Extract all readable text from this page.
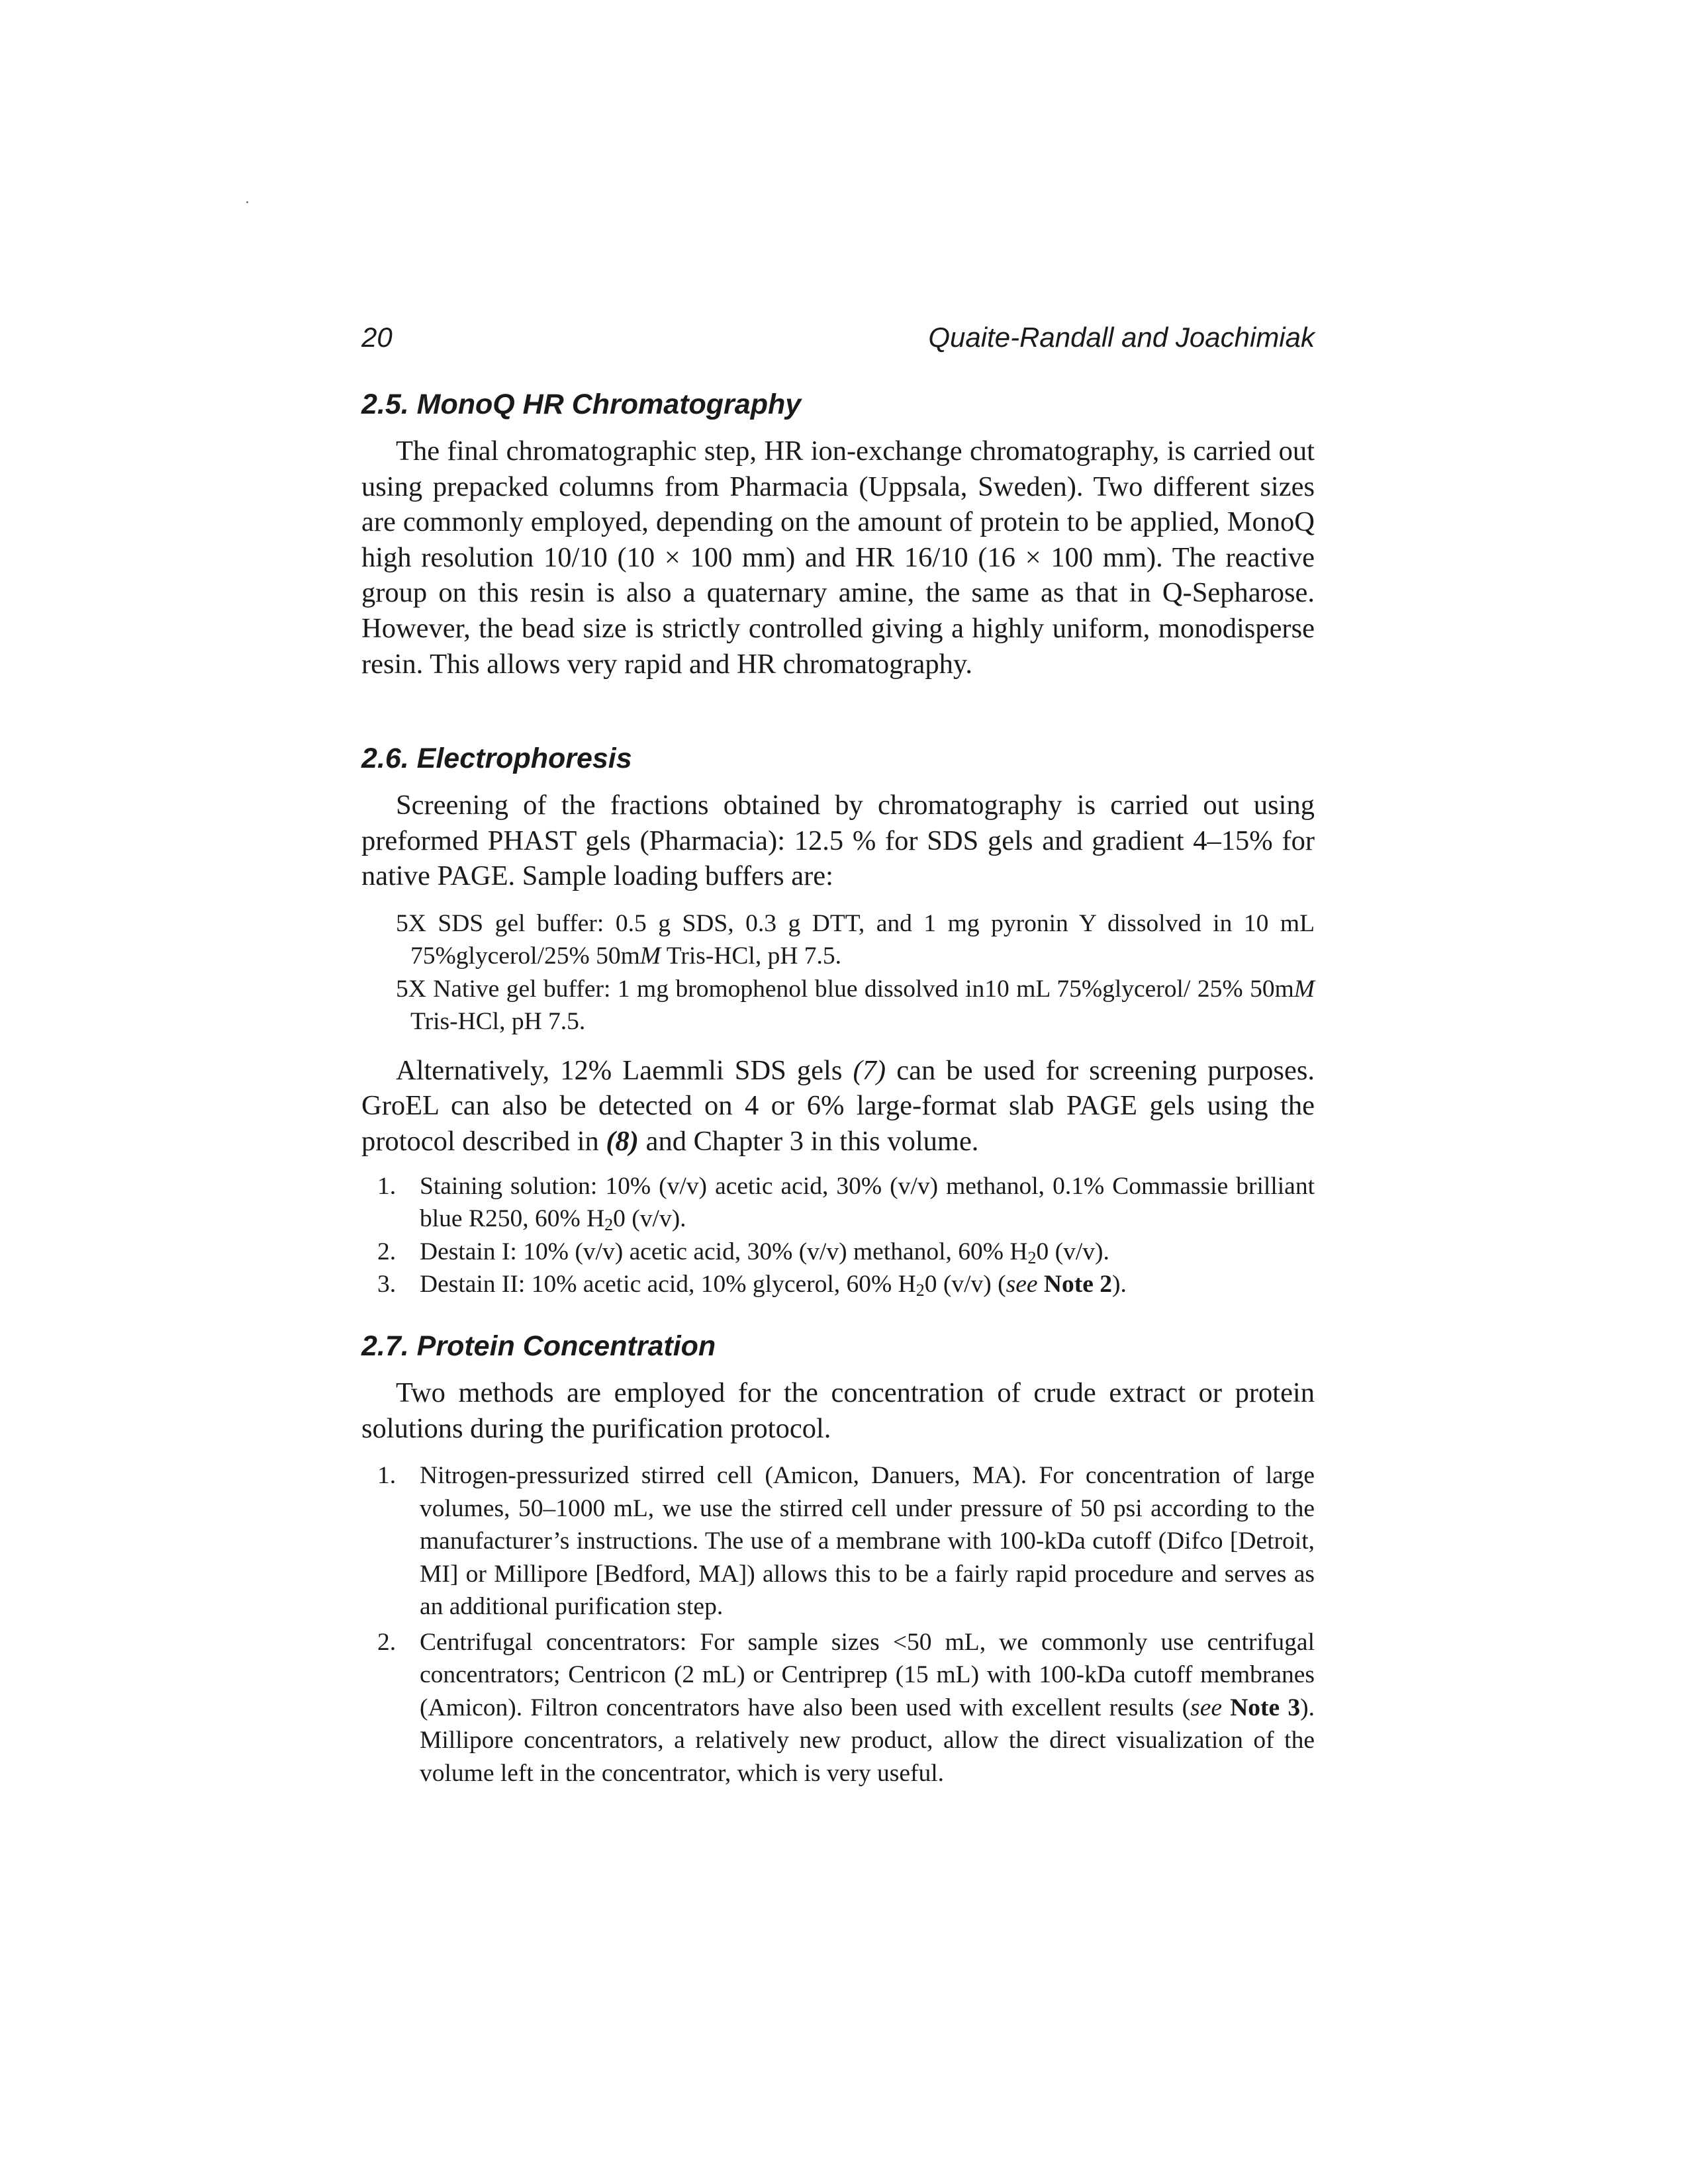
20	Quaite-Randall and Joachimiak
2.5. MonoQ HR Chromatography

The final chromatographic step, HR ion-exchange chromatography, is carried out using prepacked columns from Pharmacia (Uppsala, Sweden). Two different sizes are commonly employed, depending on the amount of protein to be applied, MonoQ high resolution 10/10 (10 × 100 mm) and HR 16/10 (16 × 100 mm). The reactive group on this resin is also a quaternary amine, the same as that in Q-Sepharose. However, the bead size is strictly controlled giving a highly uniform, monodisperse resin. This allows very rapid and HR chromatography.

2.6. Electrophoresis

Screening of the fractions obtained by chromatography is carried out using preformed PHAST gels (Pharmacia): 12.5 % for SDS gels and gradient 4–15% for native PAGE. Sample loading buffers are:

5X SDS gel buffer: 0.5 g SDS, 0.3 g DTT, and 1 mg pyronin Y dissolved in 10 mL 75%glycerol/25% 50mM Tris-HCl, pH 7.5.

5X Native gel buffer: 1 mg bromophenol blue dissolved in10 mL 75%glycerol/ 25% 50mM Tris-HCl, pH 7.5.

Alternatively, 12% Laemmli SDS gels (7) can be used for screening purposes. GroEL can also be detected on 4 or 6% large-format slab PAGE gels using the protocol described in (8) and Chapter 3 in this volume.

1. Staining solution: 10% (v/v) acetic acid, 30% (v/v) methanol, 0.1% Commassie brilliant blue R250, 60% $H_20$ (v/v).
2. Destain I: 10% (v/v) acetic acid, 30% (v/v) methanol, 60% $H_20$ (v/v).
3. Destain II: 10% acetic acid, 10% glycerol, 60% $H_20$ (v/v) (see Note 2).
2.7. Protein Concentration

Two methods are employed for the concentration of crude extract or protein solutions during the purification protocol.

1. Nitrogen-pressurized stirred cell (Amicon, Danuers, MA). For concentration of large volumes, 50–1000 mL, we use the stirred cell under pressure of 50 psi according to the manufacturer’s instructions. The use of a membrane with 100-kDa cutoff (Difco [Detroit, MI] or Millipore [Bedford, MA]) allows this to be a fairly rapid procedure and serves as an additional purification step.
2. Centrifugal concentrators: For sample sizes <50 mL, we commonly use centrifugal concentrators; Centricon (2 mL) or Centriprep (15 mL) with 100-kDa cutoff membranes (Amicon). Filtron concentrators have also been used with excellent results (see Note 3). Millipore concentrators, a relatively new product, allow the direct visualization of the volume left in the concentrator, which is very useful.
